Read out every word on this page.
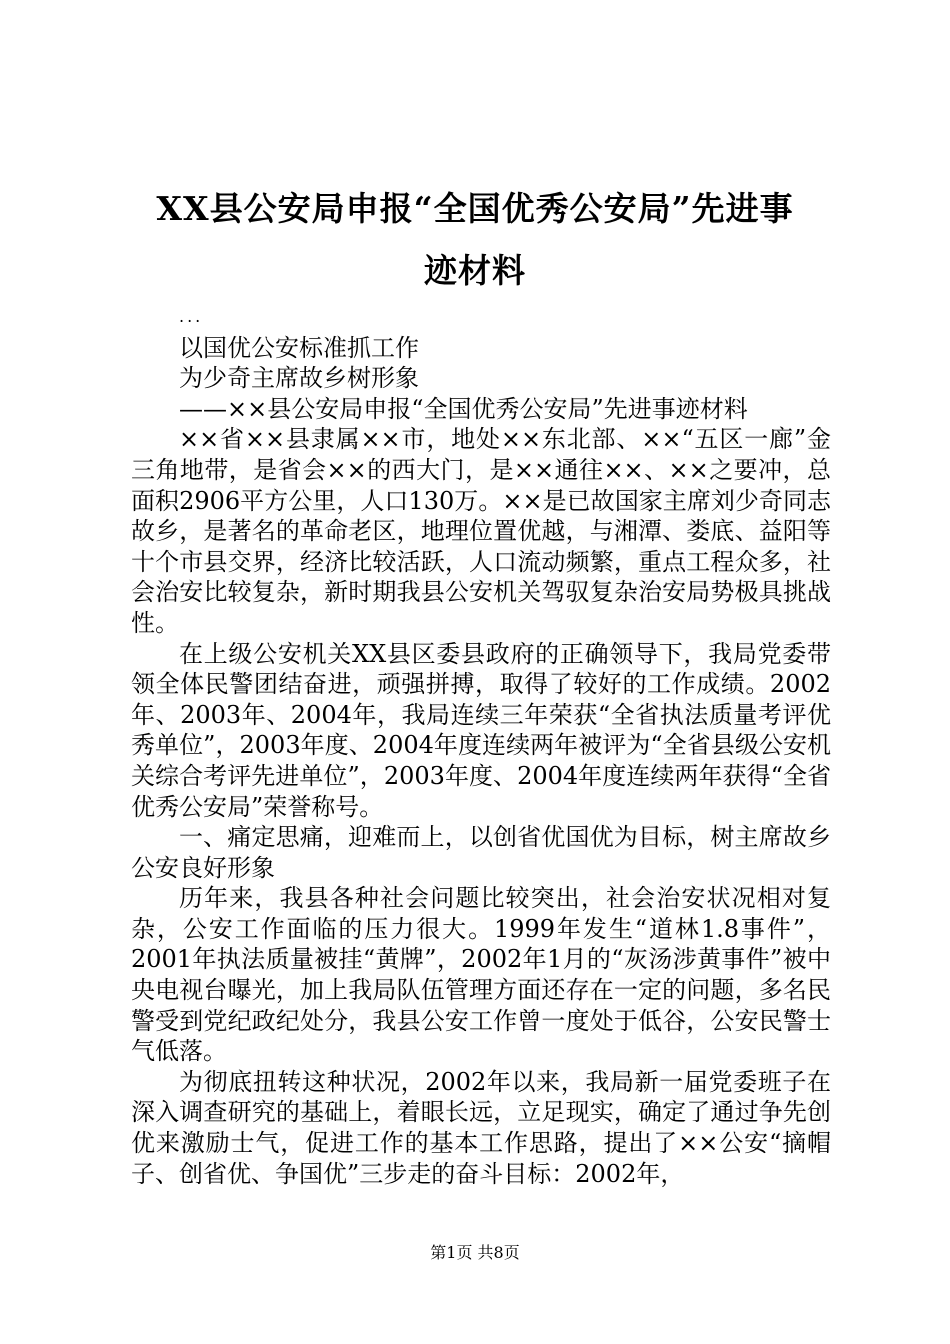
XX县公安局申报“全国优秀公安局”先进事
迹材料

...

以国优公安标准抓工作

为少奇主席故乡树形象

——××县公安局申报“全国优秀公安局”先进事迹材料

××省××县隶属××市，地处××东北部、××“五区一廊”金三角地带，是省会××的西大门，是××通往××、××之要冲，总面积2906平方公里，人口130万。××是已故国家主席刘少奇同志故乡，是著名的革命老区，地理位置优越，与湘潭、娄底、益阳等十个市县交界，经济比较活跃，人口流动频繁，重点工程众多，社会治安比较复杂，新时期我县公安机关驾驭复杂治安局势极具挑战性。

在上级公安机关XX县区委县政府的正确领导下，我局党委带领全体民警团结奋进，顽强拼搏，取得了较好的工作成绩。2002年、2003年、2004年，我局连续三年荣获“全省执法质量考评优秀单位”，2003年度、2004年度连续两年被评为“全省县级公安机关综合考评先进单位”，2003年度、2004年度连续两年获得“全省优秀公安局”荣誉称号。

一、痛定思痛，迎难而上，以创省优国优为目标，树主席故乡公安良好形象

历年来，我县各种社会问题比较突出，社会治安状况相对复杂，公安工作面临的压力很大。1999年发生“道林1.8事件”，2001年执法质量被挂“黄牌”，2002年1月的“灰汤涉黄事件”被中央电视台曝光，加上我局队伍管理方面还存在一定的问题，多名民警受到党纪政纪处分，我县公安工作曾一度处于低谷，公安民警士气低落。

为彻底扭转这种状况，2002年以来，我局新一届党委班子在深入调查研究的基础上，着眼长远，立足现实，确定了通过争先创优来激励士气，促进工作的基本工作思路，提出了××公安“摘帽子、创省优、争国优”三步走的奋斗目标：2002年，

第1页 共8页
